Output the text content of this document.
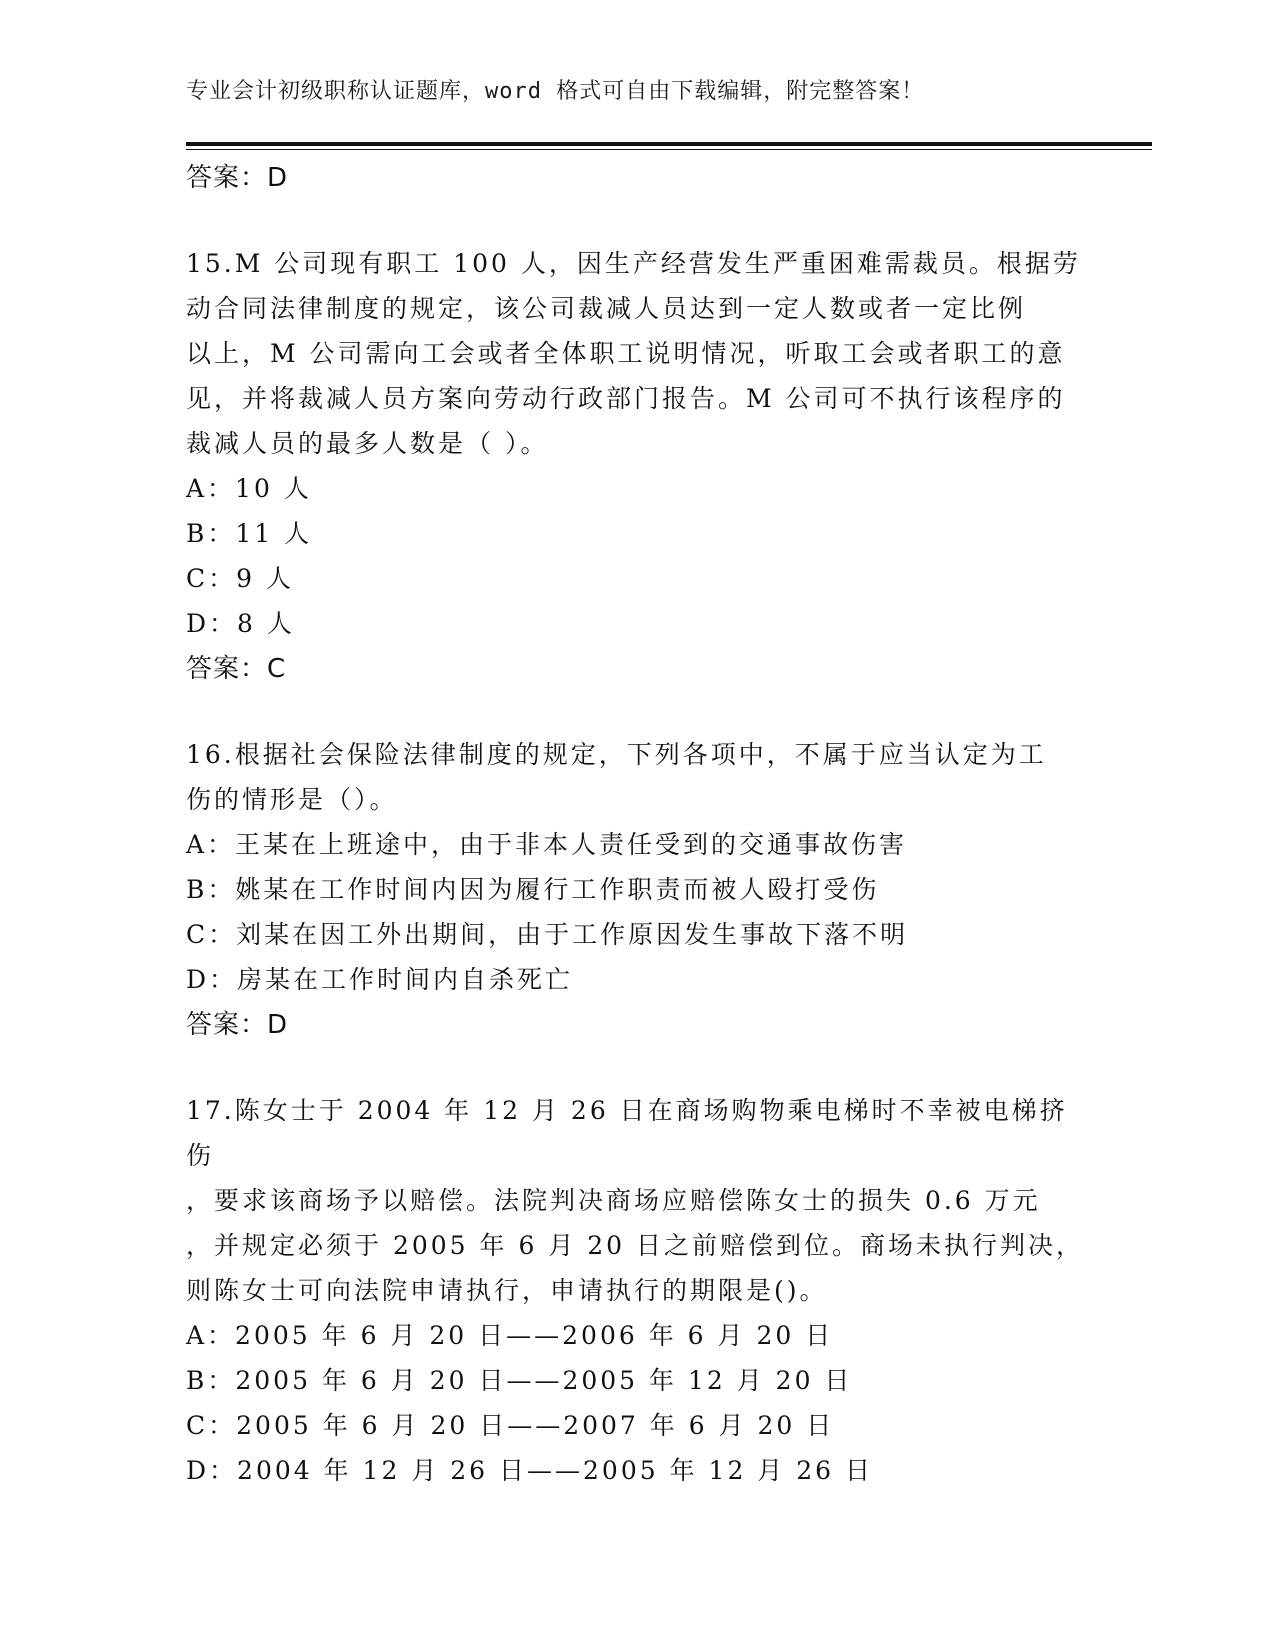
专业会计初级职称认证题库，word 格式可自由下载编辑，附完整答案！
答案：D
15.M 公司现有职工 100 人，因生产经营发生严重困难需裁员。根据劳
动合同法律制度的规定，该公司裁减人员达到一定人数或者一定比例
以上，M 公司需向工会或者全体职工说明情况，听取工会或者职工的意
见，并将裁减人员方案向劳动行政部门报告。M 公司可不执行该程序的
裁减人员的最多人数是（ ）。
A：10 人
B：11 人
C：9 人
D：8 人
答案：C
16.根据社会保险法律制度的规定，下列各项中，不属于应当认定为工
伤的情形是（）。
A：王某在上班途中，由于非本人责任受到的交通事故伤害
B：姚某在工作时间内因为履行工作职责而被人殴打受伤
C：刘某在因工外出期间，由于工作原因发生事故下落不明
D：房某在工作时间内自杀死亡
答案：D
17.陈女士于 2004 年 12 月 26 日在商场购物乘电梯时不幸被电梯挤伤
，要求该商场予以赔偿。法院判决商场应赔偿陈女士的损失 0.6 万元
，并规定必须于 2005 年 6 月 20 日之前赔偿到位。商场未执行判决，
则陈女士可向法院申请执行，申请执行的期限是()。
A：2005 年 6 月 20 日——2006 年 6 月 20 日
B：2005 年 6 月 20 日——2005 年 12 月 20 日
C：2005 年 6 月 20 日——2007 年 6 月 20 日
D：2004 年 12 月 26 日——2005 年 12 月 26 日
